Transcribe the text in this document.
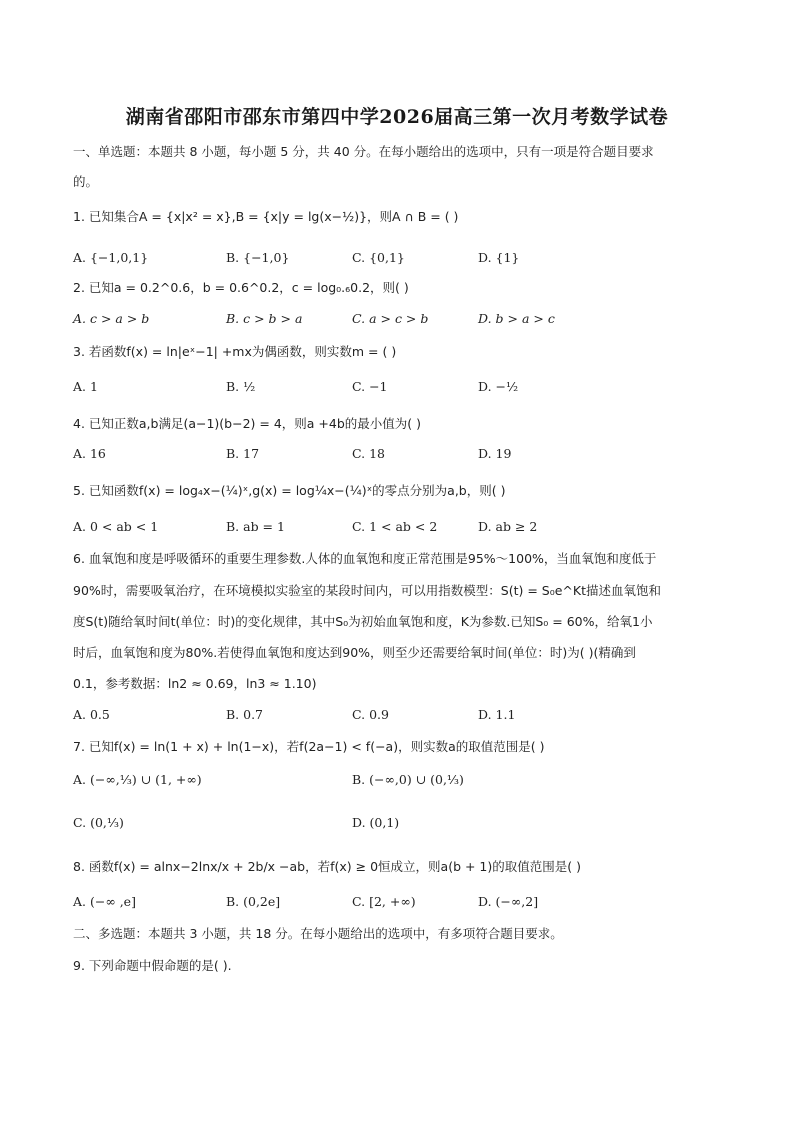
湖南省邵阳市邵东市第四中学2026届高三第一次月考数学试卷
一、单选题：本题共 8 小题，每小题 5 分，共 40 分。在每小题给出的选项中，只有一项是符合题目要求
的。
1. 已知集合A = {x|x² = x},B = {x|y = lg(x−½)}，则A ∩ B = ( )
A. {−1,0,1}	B. {−1,0}	C. {0,1}	D. {1}
2. 已知a = 0.2^0.6，b = 0.6^0.2，c = log₀.₆0.2，则( )
A. c > a > b	B. c > b > a	C. a > c > b	D. b > a > c
3. 若函数f(x) = ln|eˣ−1| +mx为偶函数，则实数m = ( )
A. 1	B. ½	C. −1	D. −½
4. 已知正数a,b满足(a−1)(b−2) = 4，则a +4b的最小值为( )
A. 16	B. 17	C. 18	D. 19
5. 已知函数f(x) = log₄x−(¼)ˣ,g(x) = log¼x−(¼)ˣ的零点分别为a,b，则( )
A. 0 < ab < 1	B. ab = 1	C. 1 < ab < 2	D. ab ≥ 2
6. 血氧饱和度是呼吸循环的重要生理参数.人体的血氧饱和度正常范围是95%～100%，当血氧饱和度低于
90%时，需要吸氧治疗，在环境模拟实验室的某段时间内，可以用指数模型：S(t) = S₀e^Kt描述血氧饱和
度S(t)随给氧时间t(单位：时)的变化规律，其中S₀为初始血氧饱和度，K为参数.已知S₀ = 60%，给氧1小
时后，血氧饱和度为80%.若使得血氧饱和度达到90%，则至少还需要给氧时间(单位：时)为( )(精确到
0.1，参考数据：ln2 ≈ 0.69，ln3 ≈ 1.10)
A. 0.5	B. 0.7	C. 0.9	D. 1.1
7. 已知f(x) = ln(1 + x) + ln(1−x)，若f(2a−1) < f(−a)，则实数a的取值范围是( )
A. (−∞,⅓) ∪ (1, +∞)	B. (−∞,0) ∪ (0,⅓)
C. (0,⅓)	D. (0,1)
8. 函数f(x) = alnx−2lnx/x + 2b/x −ab，若f(x) ≥ 0恒成立，则a(b + 1)的取值范围是( )
A. (−∞ ,e]	B. (0,2e]	C. [2, +∞)	D. (−∞,2]
二、多选题：本题共 3 小题，共 18 分。在每小题给出的选项中，有多项符合题目要求。
9. 下列命题中假命题的是( ).
